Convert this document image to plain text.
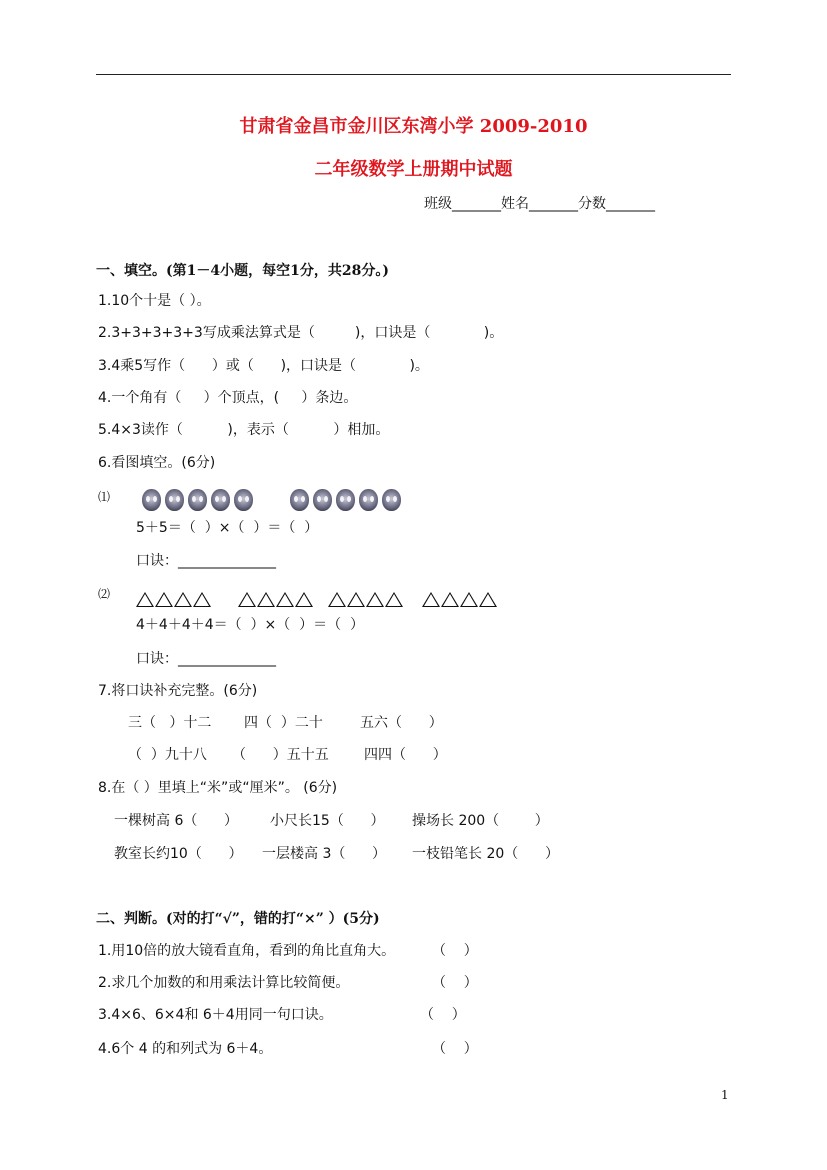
甘肃省金昌市金川区东湾小学 2009-2010
二年级数学上册期中试题
班级_______姓名_______分数_______
一、填空。(第1－4小题，每空1分，共28分。)
1.10个十是（ ）。
2.3+3+3+3+3写成乘法算式是（         )，口诀是（            )。
3.4乘5写作（      ）或（      )，口诀是（            )。
4.一个角有（     ）个顶点，(     ）条边。
5.4×3读作（          )，表示（          ）相加。
6.看图填空。(6分)
⑴
5＋5＝（  ）×（  ）＝（  ）
口诀：______________
⑵
4＋4＋4＋4＝（  ）×（  ）＝（  ）
口诀：______________
7.将口诀补充完整。(6分)
三（   ）十二 四（  ）二十	五六（      ）
（  ）九十八 （      ）五十五	四四（      ）
8.在（ ）里填上“米”或“厘米”。 (6分)
一棵树高 6（      ） 小尺长15（      ） 操场长 200（        ）
教室长约10（      ） 一层楼高 3（      ） 一枝铅笔长 20（      ）
二、判断。(对的打“√”，错的打“×” ）(5分)
1.用10倍的放大镜看直角，看到的角比直角大。	（    ）
2.求几个加数的和用乘法计算比较简便。	（    ）
3.4×6、6×4和 6＋4用同一句口诀。	（    ）
4.6个 4 的和列式为 6＋4。	（    ）
1
